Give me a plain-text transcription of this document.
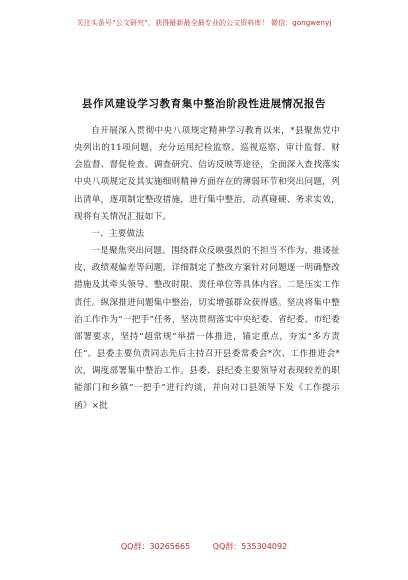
关注头条号“公文研究”，获得最新最全最专业的公文资料库！ 微信：gongwenyj
县作风建设学习教育集中整治阶段性进展情况报告

自开展深入贯彻中央八项规定精神学习教育以来，*县聚焦党中央列出的11项问题，充分运用纪检监察、巡视巡察、审计监督、财会监督、督促检查、调查研究、信访反映等途径，全面深入查找落实中央八项规定及其实施细则精神方面存在的薄弱环节和突出问题，列出清单，逐项制定整改措施，进行集中整治，动真碰硬、务求实效，现将有关情况汇报如下。

一、主要做法

一是聚焦突出问题。围绕群众反映强烈的不担当不作为、推诿扯皮，政绩观偏差等问题，详细制定了整改方案针对问题逐一明确整改措施及其牵头领导、整改时限、责任单位等具体内容。二是压实工作责任。纵深推进问题集中整治，切实增强群众获得感。坚决将集中整治工作作为“一把手”任务，坚决贯彻落实中央纪委、省纪委、市纪委部署要求，坚持“超常规”举措一体推进，锚定重点，夯实“多方责任”。县委主要负责同志先后主持召开县委常委会*次、工作推进会*次，调度部署集中整治工作。县委、县纪委主要领导对表现较差的职能部门和乡镇“一把手”进行约谈，并向对口县领导下发《工作提示函》×批

QQ群：30265665	QQ群：535304092
